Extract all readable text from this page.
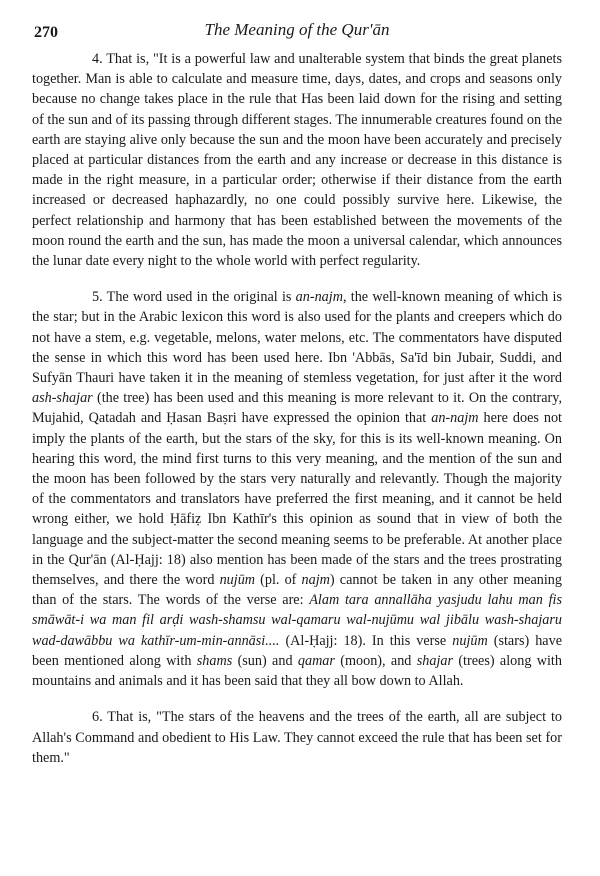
270	The Meaning of the Qur'ān

4. That is, "It is a powerful law and unalterable system that binds the great planets together. Man is able to calculate and measure time, days, dates, and crops and seasons only because no change takes place in the rule that Has been laid down for the rising and setting of the sun and of its passing through different stages. The innumerable creatures found on the earth are staying alive only because the sun and the moon have been accurately and precisely placed at particular distances from the earth and any increase or decrease in this distance is made in the right measure, in a particular order; otherwise if their distance from the earth increased or decreased haphazardly, no one could possibly survive here. Likewise, the perfect relationship and harmony that has been established between the movements of the moon round the earth and the sun, has made the moon a universal calendar, which announces the lunar date every night to the whole world with perfect regularity.

5. The word used in the original is an-najm, the well-known meaning of which is the star; but in the Arabic lexicon this word is also used for the plants and creepers which do not have a stem, e.g. vegetable, melons, water melons, etc. The commentators have disputed the sense in which this word has been used here. Ibn 'Abbās, Sa'īd bin Jubair, Suddi, and Sufyān Thauri have taken it in the meaning of stemless vegetation, for just after it the word ash-shajar (the tree) has been used and this meaning is more relevant to it. On the contrary, Mujahid, Qatadah and Ḥasan Baṣri have expressed the opinion that an-najm here does not imply the plants of the earth, but the stars of the sky, for this is its well-known meaning. On hearing this word, the mind first turns to this very meaning, and the mention of the sun and the moon has been followed by the stars very naturally and relevantly. Though the majority of the commentators and translators have preferred the first meaning, and it cannot be held wrong either, we hold Ḥāfiẓ Ibn Kathīr's this opinion as sound that in view of both the language and the subject-matter the second meaning seems to be preferable. At another place in the Qur'ān (Al-Ḥajj: 18) also mention has been made of the stars and the trees prostrating themselves, and there the word nujūm (pl. of najm) cannot be taken in any other meaning than of the stars. The words of the verse are: Alam tara annallāha yasjudu lahu man fis smāwāt-i wa man fil arḍi wash-shamsu wal-qamaru wal-nujūmu wal jibālu wash-shajaru wad-dawābbu wa kathīr-um-min-annāsi.... (Al-Ḥajj: 18). In this verse nujūm (stars) have been mentioned along with shams (sun) and qamar (moon), and shajar (trees) along with mountains and animals and it has been said that they all bow down to Allah.

6. That is, "The stars of the heavens and the trees of the earth, all are subject to Allah's Command and obedient to His Law. They cannot exceed the rule that has been set for them."
